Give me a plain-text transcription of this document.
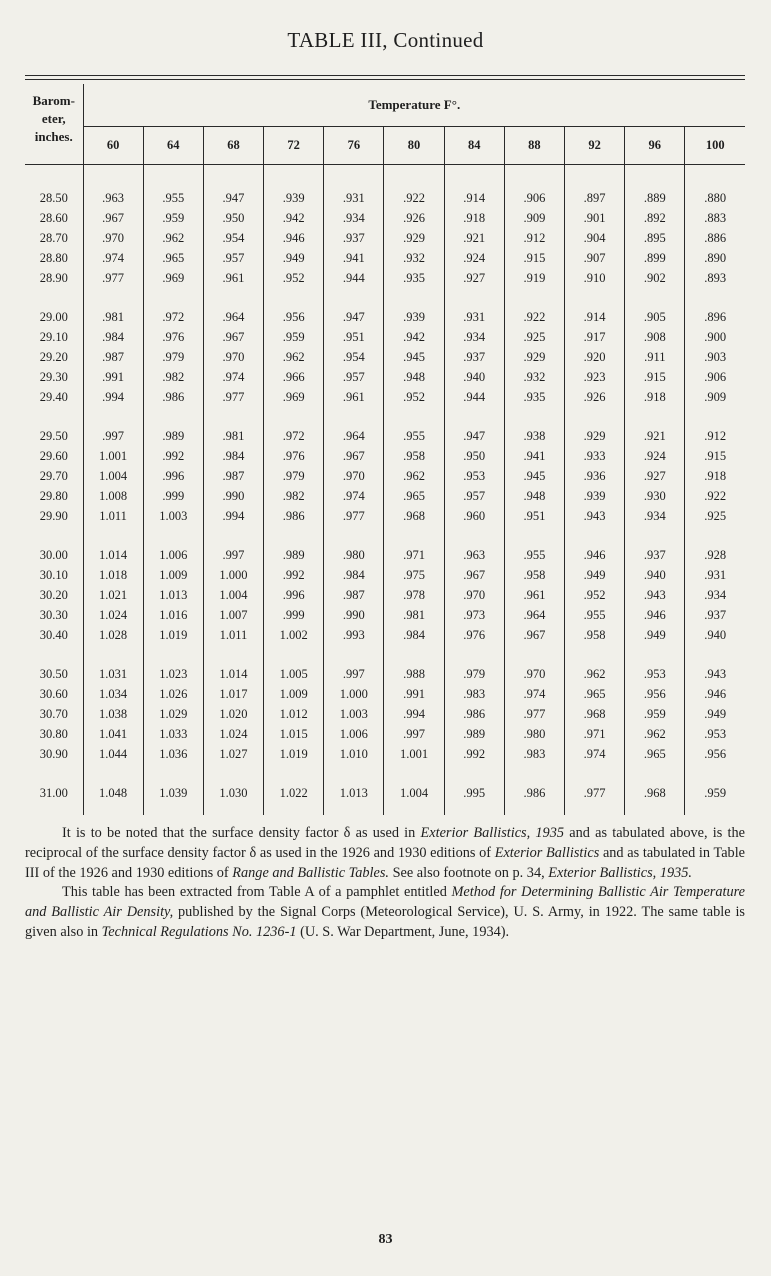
TABLE III, Continued
Barom-
eter,
inches.	Temperature F°.										
	60	64	68	72	76	80	84	88	92	96	100

28.50	.963	.955	.947	.939	.931	.922	.914	.906	.897	.889	.880
28.60	.967	.959	.950	.942	.934	.926	.918	.909	.901	.892	.883
28.70	.970	.962	.954	.946	.937	.929	.921	.912	.904	.895	.886
28.80	.974	.965	.957	.949	.941	.932	.924	.915	.907	.899	.890
28.90	.977	.969	.961	.952	.944	.935	.927	.919	.910	.902	.893

29.00	.981	.972	.964	.956	.947	.939	.931	.922	.914	.905	.896
29.10	.984	.976	.967	.959	.951	.942	.934	.925	.917	.908	.900
29.20	.987	.979	.970	.962	.954	.945	.937	.929	.920	.911	.903
29.30	.991	.982	.974	.966	.957	.948	.940	.932	.923	.915	.906
29.40	.994	.986	.977	.969	.961	.952	.944	.935	.926	.918	.909

29.50	.997	.989	.981	.972	.964	.955	.947	.938	.929	.921	.912
29.60	1.001	.992	.984	.976	.967	.958	.950	.941	.933	.924	.915
29.70	1.004	.996	.987	.979	.970	.962	.953	.945	.936	.927	.918
29.80	1.008	.999	.990	.982	.974	.965	.957	.948	.939	.930	.922
29.90	1.011	1.003	.994	.986	.977	.968	.960	.951	.943	.934	.925

30.00	1.014	1.006	.997	.989	.980	.971	.963	.955	.946	.937	.928
30.10	1.018	1.009	1.000	.992	.984	.975	.967	.958	.949	.940	.931
30.20	1.021	1.013	1.004	.996	.987	.978	.970	.961	.952	.943	.934
30.30	1.024	1.016	1.007	.999	.990	.981	.973	.964	.955	.946	.937
30.40	1.028	1.019	1.011	1.002	.993	.984	.976	.967	.958	.949	.940

30.50	1.031	1.023	1.014	1.005	.997	.988	.979	.970	.962	.953	.943
30.60	1.034	1.026	1.017	1.009	1.000	.991	.983	.974	.965	.956	.946
30.70	1.038	1.029	1.020	1.012	1.003	.994	.986	.977	.968	.959	.949
30.80	1.041	1.033	1.024	1.015	1.006	.997	.989	.980	.971	.962	.953
30.90	1.044	1.036	1.027	1.019	1.010	1.001	.992	.983	.974	.965	.956

31.00	1.048	1.039	1.030	1.022	1.013	1.004	.995	.986	.977	.968	.959

It is to be noted that the surface density factor δ as used in Exterior Ballistics, 1935 and as tabulated above, is the reciprocal of the surface density factor δ as used in the 1926 and 1930 editions of Exterior Ballistics and as tabulated in Table III of the 1926 and 1930 editions of Range and Ballistic Tables. See also footnote on p. 34, Exterior Ballistics, 1935.

This table has been extracted from Table A of a pamphlet entitled Method for Determining Ballistic Air Temperature and Ballistic Air Density, published by the Signal Corps (Meteorological Service), U. S. Army, in 1922. The same table is given also in Technical Regulations No. 1236-1 (U. S. War Department, June, 1934).

83
